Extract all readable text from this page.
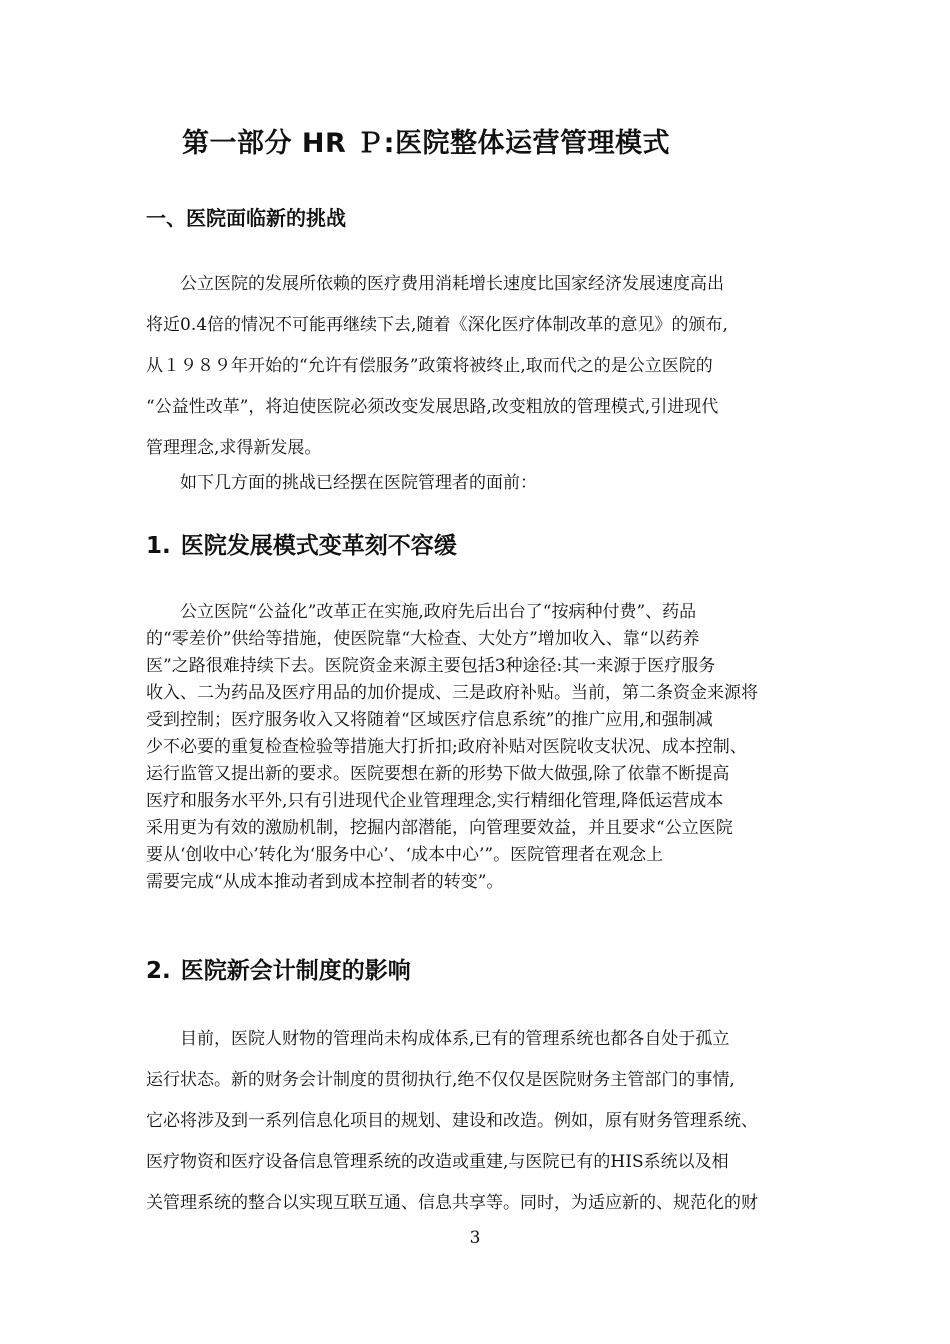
第一部分 HR Ｐ:医院整体运营管理模式
一、医院面临新的挑战
　　公立医院的发展所依赖的医疗费用消耗增长速度比国家经济发展速度高出
将近0.4倍的情况不可能再继续下去,随着《深化医疗体制改革的意见》的颁布,
从１９８９年开始的“允许有偿服务”政策将被终止,取而代之的是公立医院的
“公益性改革”，将迫使医院必须改变发展思路,改变粗放的管理模式,引进现代
管理理念,求得新发展。
　　如下几方面的挑战已经摆在医院管理者的面前：
1. 医院发展模式变革刻不容缓
　　公立医院“公益化”改革正在实施,政府先后出台了“按病种付费”、药品
的“零差价”供给等措施，使医院靠“大检查、大处方”增加收入、靠“以药养
医”之路很难持续下去。医院资金来源主要包括3种途径:其一来源于医疗服务
收入、二为药品及医疗用品的加价提成、三是政府补贴。当前，第二条资金来源将
受到控制；医疗服务收入又将随着“区域医疗信息系统”的推广应用,和强制减
少不必要的重复检查检验等措施大打折扣;政府补贴对医院收支状况、成本控制、
运行监管又提出新的要求。医院要想在新的形势下做大做强,除了依靠不断提高
医疗和服务水平外,只有引进现代企业管理理念,实行精细化管理,降低运营成本
采用更为有效的激励机制，挖掘内部潜能，向管理要效益，并且要求“公立医院
要从‘创收中心’转化为‘服务中心’、‘成本中心’”。医院管理者在观念上
需要完成“从成本推动者到成本控制者的转变”。
2. 医院新会计制度的影响
　　目前，医院人财物的管理尚未构成体系,已有的管理系统也都各自处于孤立
运行状态。新的财务会计制度的贯彻执行,绝不仅仅是医院财务主管部门的事情,
它必将涉及到一系列信息化项目的规划、建设和改造。例如，原有财务管理系统、
医疗物资和医疗设备信息管理系统的改造或重建,与医院已有的HIS系统以及相
关管理系统的整合以实现互联互通、信息共享等。同时，为适应新的、规范化的财

3
